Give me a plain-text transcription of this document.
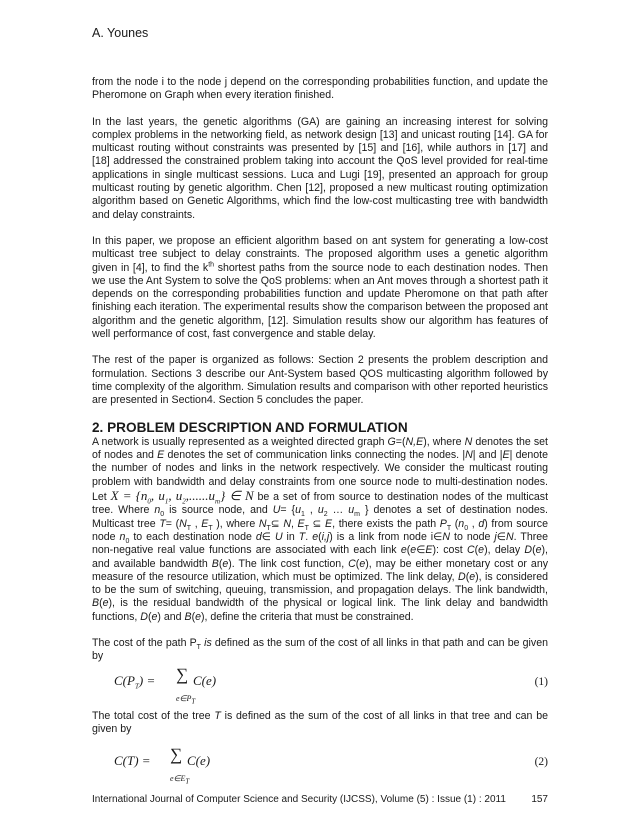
A. Younes

from the node i to the node j depend on the corresponding probabilities function, and update the Pheromone on Graph when every iteration finished.

In the last years, the genetic algorithms (GA) are gaining an increasing interest for solving complex problems in the networking field, as network design [13] and unicast routing [14]. GA for multicast routing without constraints was presented by [15] and [16], while authors in [17] and [18] addressed the constrained problem taking into account the QoS level provided for real-time applications in single multicast sessions. Luca and Lugi [19], presented an approach for group multicast routing by genetic algorithm. Chen [12], proposed a new multicast routing optimization algorithm based on Genetic Algorithms, which find the low-cost multicasting tree with bandwidth and delay constraints.

In this paper, we propose an efficient algorithm based on ant system for generating a low-cost multicast tree subject to delay constraints. The proposed algorithm uses a genetic algorithm given in [4], to find the $k^{th}$ shortest paths from the source node to each destination nodes. Then we use the Ant System to solve the QoS problems: when an Ant moves through a shortest path it depends on the corresponding probabilities function and update Pheromone on that path after finishing each iteration. The experimental results show the comparison between the proposed ant algorithm and the genetic algorithm, [12]. Simulation results show our algorithm has features of well performance of cost, fast convergence and stable delay.

The rest of the paper is organized as follows: Section 2 presents the problem description and formulation. Sections 3 describe our Ant-System based QOS multicasting algorithm followed by time complexity of the algorithm. Simulation results and comparison with other reported heuristics are presented in Section4. Section 5 concludes the paper.

2. PROBLEM DESCRIPTION AND FORMULATION

A network is usually represented as a weighted directed graph G=(N,E), where N denotes the set of nodes and E denotes the set of communication links connecting the nodes. |N| and |E| denote the number of nodes and links in the network respectively. We consider the multicast routing problem with bandwidth and delay constraints from one source node to multi-destination nodes. Let $X = \{n_0$, $u_1$, $u_2,......u_m$} ∈ N be a set of from source to destination nodes of the multicast tree. Where $n_0$ is source node, and $U= \{u_1$ , $u_2$ … $u_m$ } denotes a set of destination nodes. Multicast tree $T= (N_T$ , $E_T$ ), where $N_T⊆$ N, $E_T$ ⊆ E, there exists the path $P_T$ ($n_0$ , d) from source node $n_0$ to each destination node d∈ U in T. e(i,j) is a link from node i∈N to node j∈N. Three non-negative real value functions are associated with each link e(e∈E): cost C(e), delay D(e), and available bandwidth B(e). The link cost function, C(e), may be either monetary cost or any measure of the resource utilization, which must be optimized. The link delay, D(e), is considered to be the sum of switching, queuing, transmission, and propagation delays. The link bandwidth, B(e), is the residual bandwidth of the physical or logical link. The link delay and bandwidth functions, D(e) and B(e), define the criteria that must be constrained.

The cost of the path $P_T$ is defined as the sum of the cost of all links in that path and can be given by

$C(P_T)$ = ∑
$e\in P_T$
C(e)	(1)

The total cost of the tree T is defined as the sum of the cost of all links in that tree and can be given by

C(T) = ∑
$e\in E_T$
C(e)	(2)
International Journal of Computer Science and Security (IJCSS), Volume (5) : Issue (1) : 2011	157
